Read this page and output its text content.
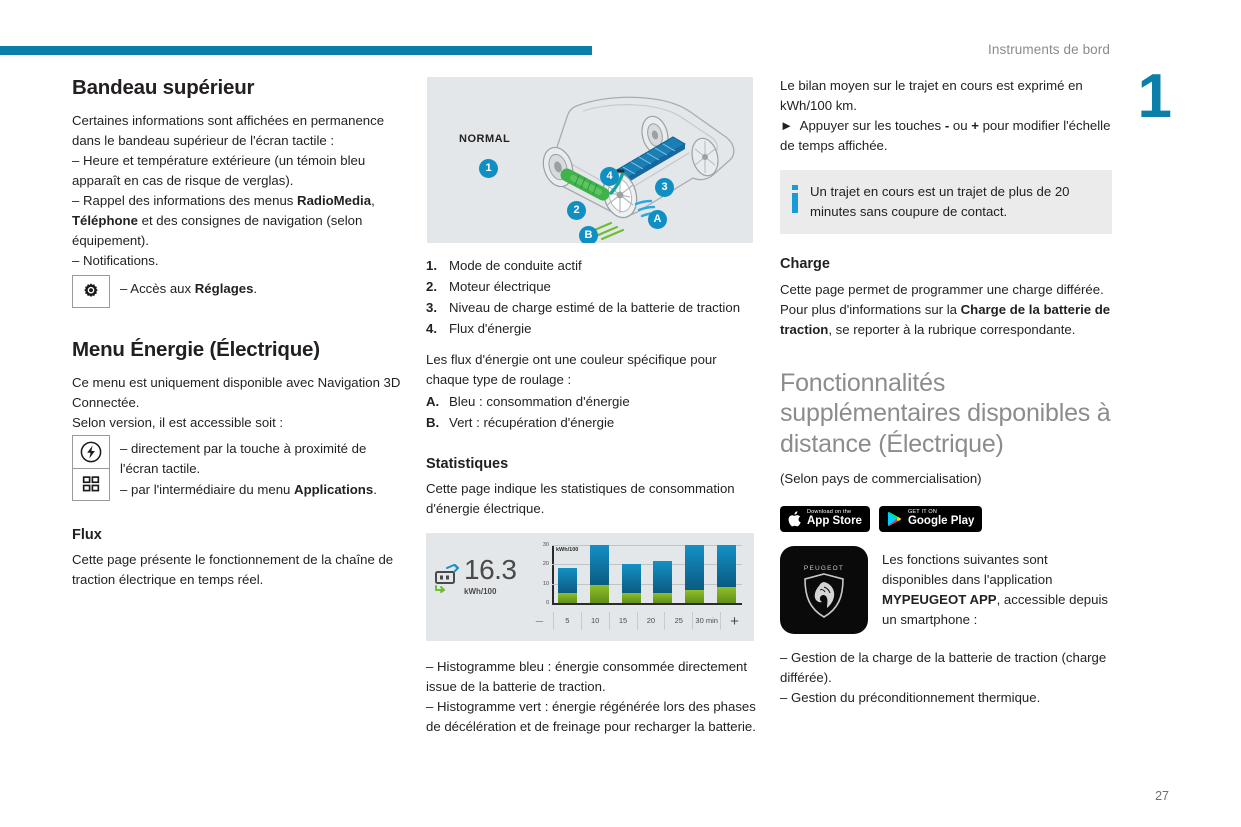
Instruments de bord
1
27
Bandeau supérieur

Certaines informations sont affichées en permanence dans le bandeau supérieur de l'écran tactile :

– Heure et température extérieure (un témoin bleu apparaît en cas de risque de verglas).

– Rappel des informations des menus RadioMedia, Téléphone et des consignes de navigation (selon équipement).

– Notifications.

– Accès aux Réglages.
Menu Énergie (Électrique)

Ce menu est uniquement disponible avec Navigation 3D Connectée.

Selon version, il est accessible soit :

– directement par la touche à proximité de l'écran tactile.
– par l'intermédiaire du menu Applications.
Flux

Cette page présente le fonctionnement de la chaîne de traction électrique en temps réel.

NORMAL
1
4
2
3
A
B
1. Mode de conduite actif
2. Moteur électrique
3. Niveau de charge estimé de la batterie de traction
4. Flux d'énergie

Les flux d'énergie ont une couleur spécifique pour chaque type de roulage :

A. Bleu : consommation d'énergie
B. Vert : récupération d'énergie
Statistiques

Cette page indique les statistiques de consommation d'énergie électrique.

16.3
kWh/100
kWh/100
30
20
10
0
—	5	10	15	20	25	30 min +

– Histogramme bleu : énergie consommée directement issue de la batterie de traction.

– Histogramme vert : énergie régénérée lors des phases de décélération et de freinage pour recharger la batterie.

Le bilan moyen sur le trajet en cours est exprimé en kWh/100 km.

► Appuyer sur les touches - ou + pour modifier l'échelle de temps affichée.

Un trajet en cours est un trajet de plus de 20 minutes sans coupure de contact.
Charge

Cette page permet de programmer une charge différée.

Pour plus d'informations sur la Charge de la batterie de traction, se reporter à la rubrique correspondante.

Fonctionnalités supplémentaires disponibles à distance (Électrique)

(Selon pays de commercialisation)

Download on the
App Store
GET IT ON
Google Play
PEUGEOT
Les fonctions suivantes sont disponibles dans l'application MYPEUGEOT APP, accessible depuis un smartphone :

– Gestion de la charge de la batterie de traction (charge différée).

– Gestion du préconditionnement thermique.
